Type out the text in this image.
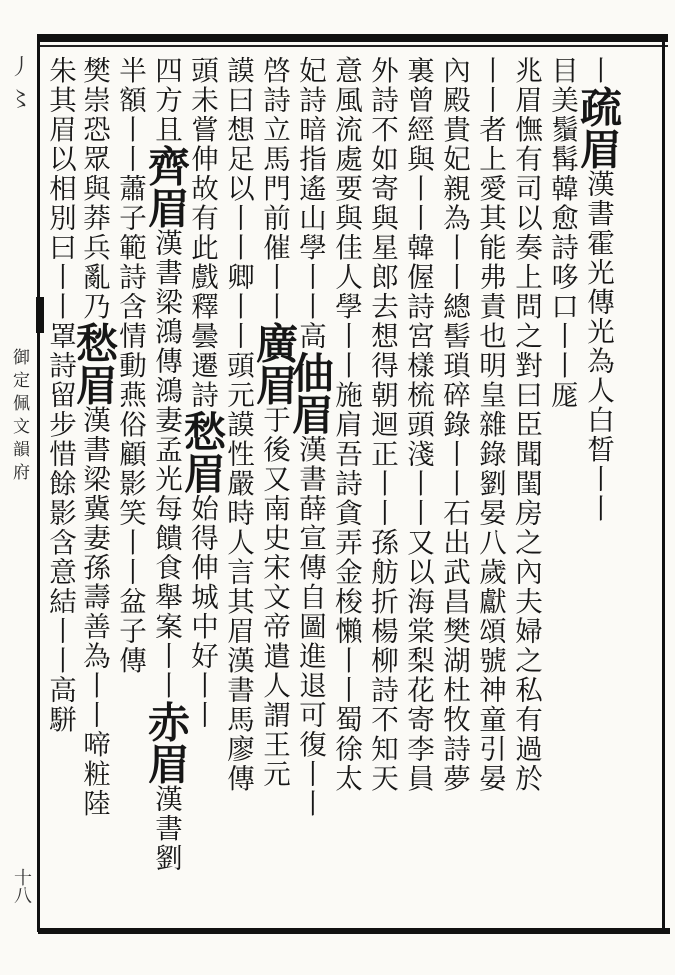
⼃〻
御定佩文韻府
十八
丨疏眉漢書霍光傳光為人白晳丨丨
目美鬚髯韓愈詩哆口丨丨厖
兆眉憮有司以奏上問之對曰臣聞閨房之內夫婦之私有過於
丨丨者上愛其能弗責也明皇雜錄劉晏八歲獻頌號神童引晏
內殿貴妃親為丨丨總髻瑣碎錄丨丨石出武昌樊湖杜牧詩夢
裏曾經與丨丨韓偓詩宮樣梳頭淺丨丨又以海棠梨花寄李員
外詩不如寄與星郎去想得朝迴正丨丨孫舫折楊柳詩不知天
意風流處要與佳人學丨丨施肩吾詩貪弄金梭懶丨丨蜀徐太
妃詩暗指遙山學丨丨高伷眉漢書薛宣傳自圖進退可復丨丨
啓詩立馬門前催丨丨廣眉于後又南史宋文帝遣人謂王元
謨曰想足以丨丨卿丨丨頭元謨性嚴時人言其眉漢書馬廖傳
頭未嘗伸故有此戲釋曇遷詩愁眉始得伸城中好丨丨
四方且齊眉漢書梁鴻傳鴻妻孟光每饋食舉案丨丨赤眉漢書劉
半額丨丨蕭子範詩含情動燕俗顧影笑丨丨盆子傳
樊崇恐眾與莽兵亂乃愁眉漢書梁冀妻孫壽善為丨丨啼粧陸
朱其眉以相別曰丨丨罩詩留步惜餘影含意結丨丨高駢
